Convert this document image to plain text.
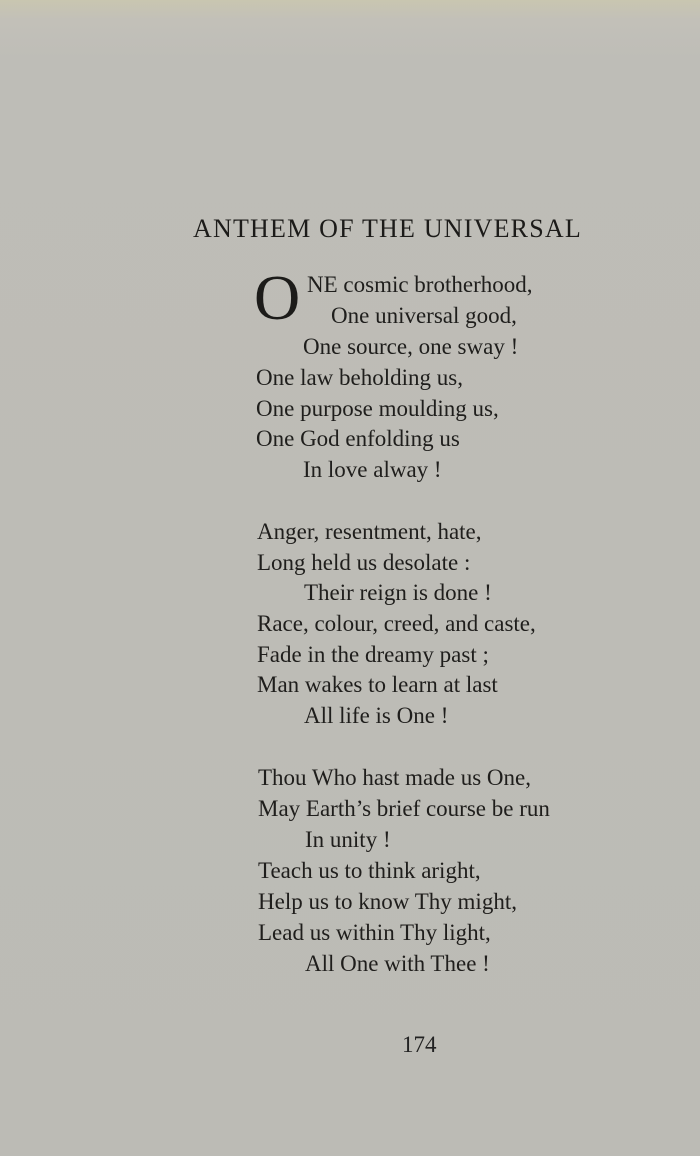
ANTHEM OF THE UNIVERSAL
O NE cosmic brotherhood,
One universal good,
One source, one sway !
One law beholding us,
One purpose moulding us,
One God enfolding us
In love alway !
Anger, resentment, hate,
Long held us desolate :
Their reign is done !
Race, colour, creed, and caste,
Fade in the dreamy past ;
Man wakes to learn at last
All life is One !
Thou Who hast made us One,
May Earth’s brief course be run
In unity !
Teach us to think aright,
Help us to know Thy might,
Lead us within Thy light,
All One with Thee !
174
